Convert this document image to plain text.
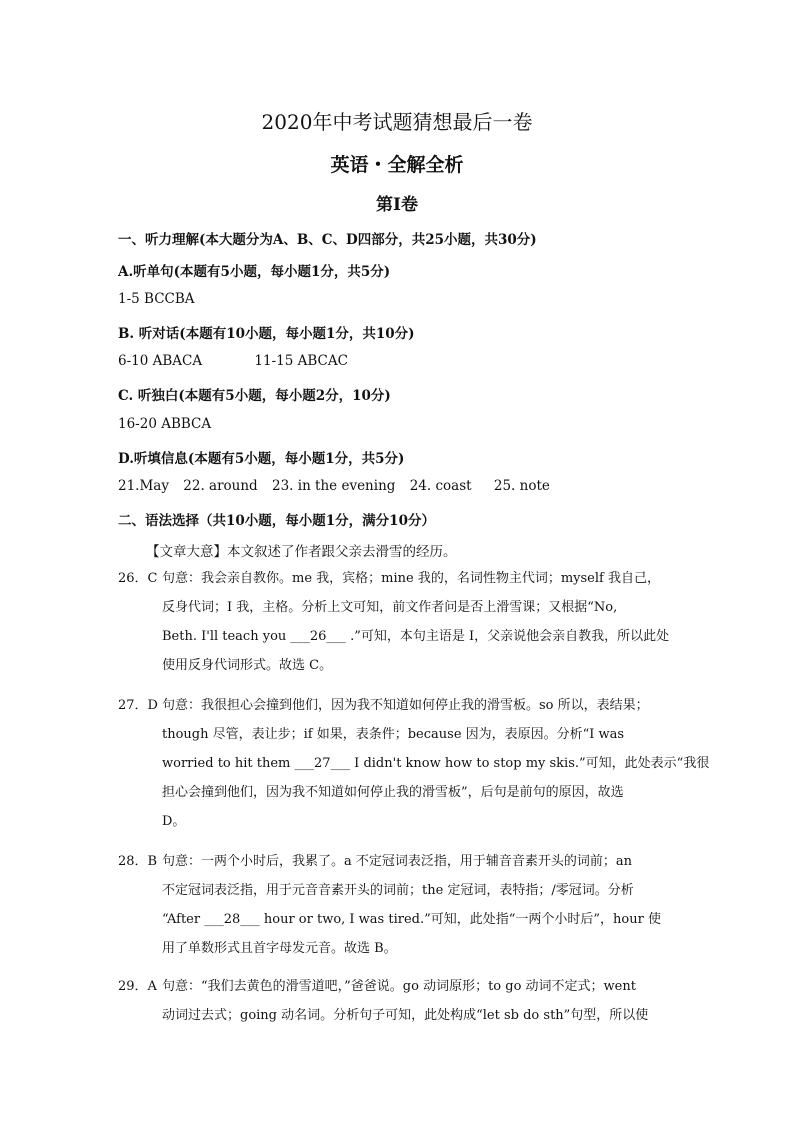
2020年中考试题猜想最后一卷
英语・全解全析
第I卷
一、听力理解(本大题分为A、B、C、D四部分，共25小题，共30分)
A.听单句(本题有5小题，每小题1分，共5分)
1-5 BCCBA
B. 听对话(本题有10小题，每小题1分，共10分)
6-10 ABACA	11-15 ABCAC
C. 听独白(本题有5小题，每小题2分，10分)
16-20 ABBCA
D.听填信息(本题有5小题，每小题1分，共5分)
21.May 22. around 23. in the evening 24. coast 25. note
二、语法选择（共10小题，每小题1分，满分10分）
【文章大意】本文叙述了作者跟父亲去滑雪的经历。
26．C 句意：我会亲自教你。me 我，宾格；mine 我的，名词性物主代词；myself 我自己，
反身代词；I 我，主格。分析上文可知，前文作者问是否上滑雪课；又根据“No,
Beth. I'll teach you ___26___ .”可知，本句主语是 I，父亲说他会亲自教我，所以此处
使用反身代词形式。故选 C。
27．D 句意：我很担心会撞到他们，因为我不知道如何停止我的滑雪板。so 所以，表结果；
though 尽管，表让步；if 如果，表条件；because 因为，表原因。分析“I was
worried to hit them ___27___ I didn't know how to stop my skis.”可知，此处表示“我很
担心会撞到他们，因为我不知道如何停止我的滑雪板”，后句是前句的原因，故选
D。
28．B 句意：一两个小时后，我累了。a 不定冠词表泛指，用于辅音音素开头的词前；an
不定冠词表泛指，用于元音音素开头的词前；the 定冠词，表特指；/零冠词。分析
“After ___28___ hour or two, I was tired.”可知，此处指“一两个小时后”，hour 使
用了单数形式且首字母发元音。故选 B。
29．A 句意：“我们去黄色的滑雪道吧，”爸爸说。go 动词原形；to go 动词不定式；went
动词过去式；going 动名词。分析句子可知，此处构成“let sb do sth”句型，所以使
